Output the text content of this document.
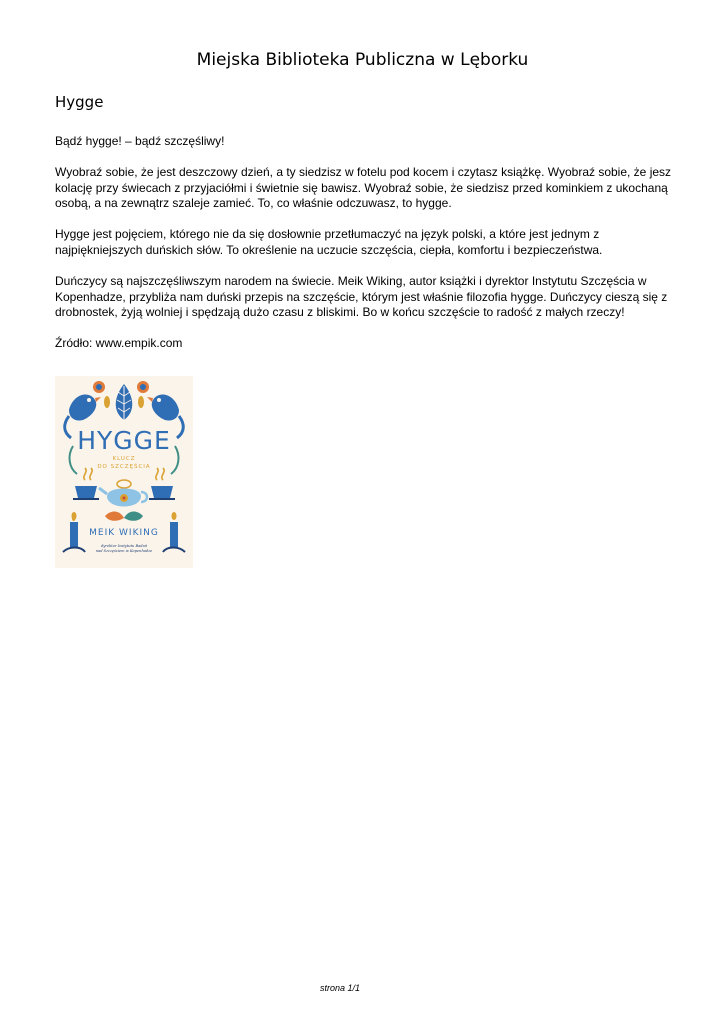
Miejska Biblioteka Publiczna w Lęborku
Hygge

Bądź hygge! – bądź szczęśliwy!

Wyobraź sobie, że jest deszczowy dzień, a ty siedzisz w fotelu pod kocem i czytasz książkę. Wyobraź sobie, że jesz kolację przy świecach z przyjaciółmi i świetnie się bawisz. Wyobraź sobie, że siedzisz przed kominkiem z ukochaną osobą, a na zewnątrz szaleje zamieć. To, co właśnie odczuwasz, to hygge.

Hygge jest pojęciem, którego nie da się dosłownie przetłumaczyć na język polski, a które jest jednym z najpiękniejszych duńskich słów. To określenie na uczucie szczęścia, ciepła, komfortu i bezpieczeństwa.

Duńczycy są najszczęśliwszym narodem na świecie. Meik Wiking, autor książki i dyrektor Instytutu Szczęścia w Kopenhadze, przybliża nam duński przepis na szczęście, którym jest właśnie filozofia hygge. Duńczycy cieszą się z drobnostek, żyją wolniej i spędzają dużo czasu z bliskimi. Bo w końcu szczęście to radość z małych rzeczy!

Źródło: www.empik.com

HYGGE
KLUCZ
DO SZCZĘŚCIA
MEIK WIKING
dyrektor Instytutu Badań
nad Szczęściem w Kopenhadze
strona 1/1
